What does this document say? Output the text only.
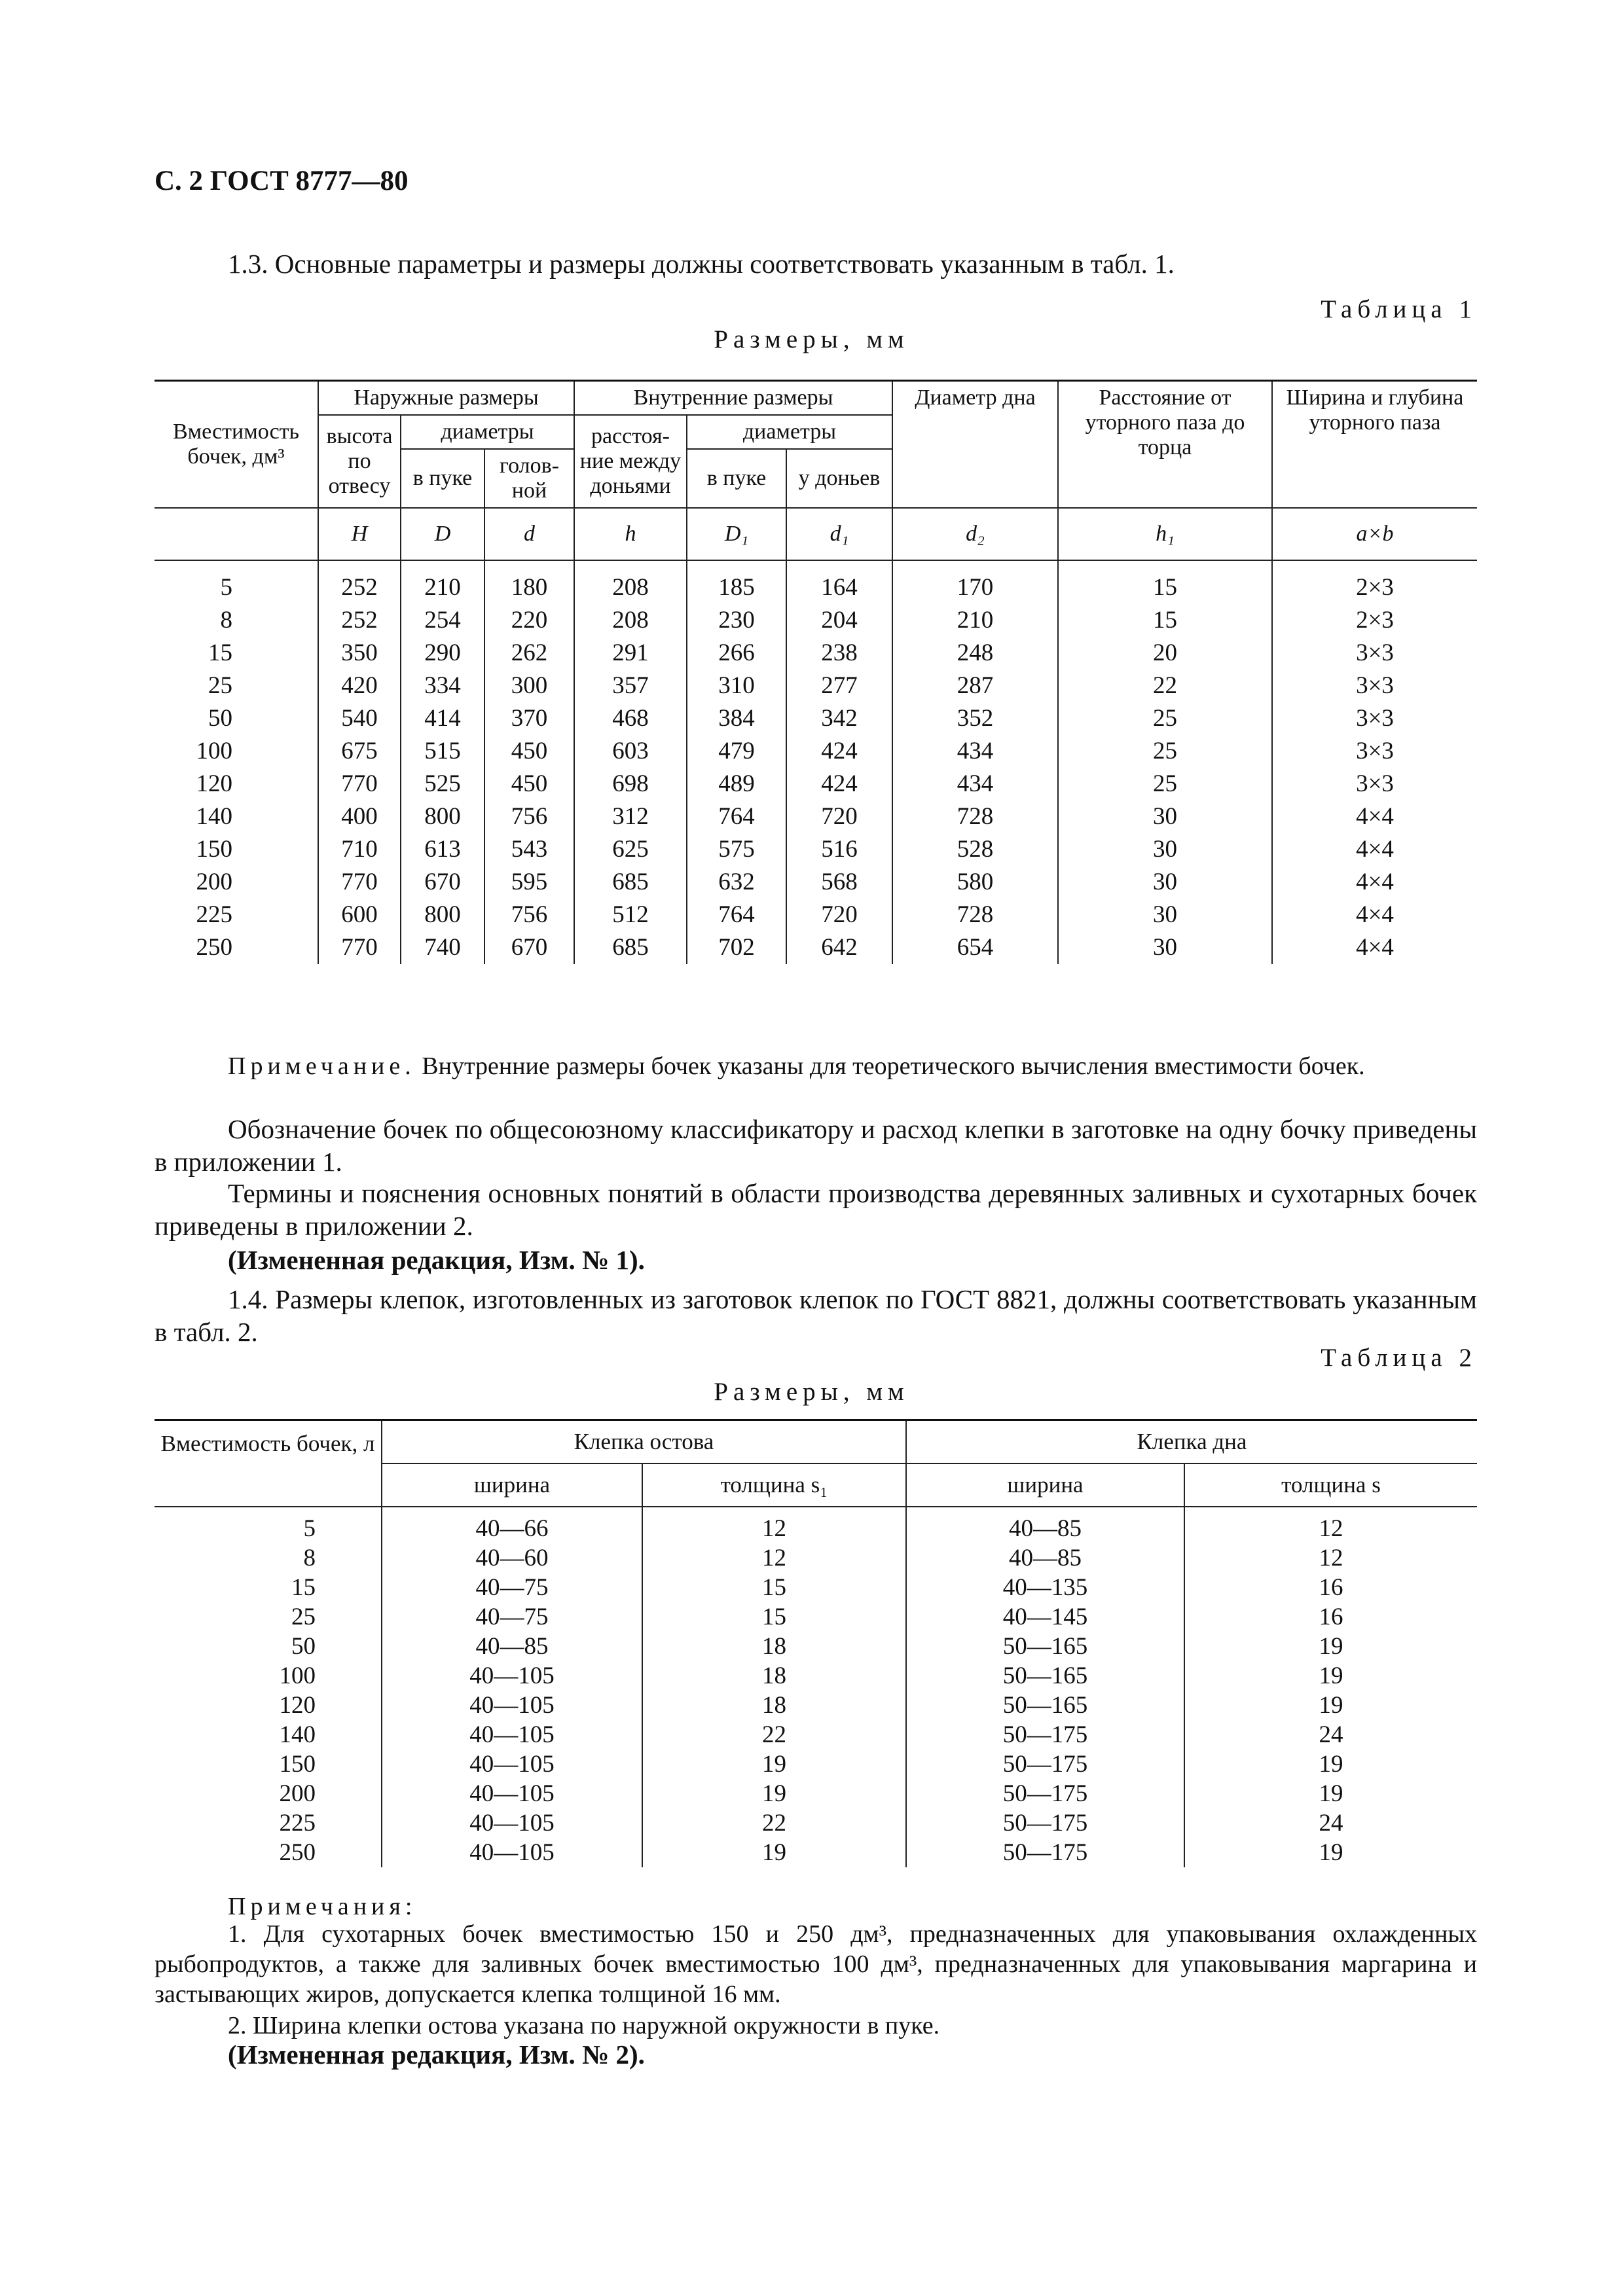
С. 2 ГОСТ 8777—80
1.3. Основные параметры и размеры должны соответствовать указанным в табл. 1.
Таблица 1
Размеры, мм
Вместимость бочек, дм³	Наружные размеры			Внутренние размеры			Диаметр дна	Расстояние от уторного паза до торца	Ширина и глубина уторного паза
	высота по отвесу	диаметры		расстоя-ние между доньями	диаметры				
		в пуке	голов-ной		в пуке	у доньев			
	H	D	d	h	D₁	d₁	d₂	h₁	a×b
5	252	210	180	208	185	164	170	15	2×3
8	252	254	220	208	230	204	210	15	2×3
15	350	290	262	291	266	238	248	20	3×3
25	420	334	300	357	310	277	287	22	3×3
50	540	414	370	468	384	342	352	25	3×3
100	675	515	450	603	479	424	434	25	3×3
120	770	525	450	698	489	424	434	25	3×3
140	400	800	756	312	764	720	728	30	4×4
150	710	613	543	625	575	516	528	30	4×4
200	770	670	595	685	632	568	580	30	4×4
225	600	800	756	512	764	720	728	30	4×4
250	770	740	670	685	702	642	654	30	4×4
Примечание. Внутренние размеры бочек указаны для теоретического вычисления вместимости бочек.
Обозначение бочек по общесоюзному классификатору и расход клепки в заготовке на одну бочку приведены в приложении 1.
Термины и пояснения основных понятий в области производства деревянных заливных и сухотарных бочек приведены в приложении 2.
(Измененная редакция, Изм. № 1).
1.4. Размеры клепок, изготовленных из заготовок клепок по ГОСТ 8821, должны соответствовать указанным в табл. 2.
Таблица 2
Размеры, мм
Вместимость бочек, л	Клепка остова		Клепка дна	
	ширина	толщина s₁	ширина	толщина s
5	40—66	12	40—85	12
8	40—60	12	40—85	12
15	40—75	15	40—135	16
25	40—75	15	40—145	16
50	40—85	18	50—165	19
100	40—105	18	50—165	19
120	40—105	18	50—165	19
140	40—105	22	50—175	24
150	40—105	19	50—175	19
200	40—105	19	50—175	19
225	40—105	22	50—175	24
250	40—105	19	50—175	19
Примечания:
1. Для сухотарных бочек вместимостью 150 и 250 дм³, предназначенных для упаковывания охлажденных рыбопродуктов, а также для заливных бочек вместимостью 100 дм³, предназначенных для упаковывания маргарина и застывающих жиров, допускается клепка толщиной 16 мм.
2. Ширина клепки остова указана по наружной окружности в пуке.
(Измененная редакция, Изм. № 2).
